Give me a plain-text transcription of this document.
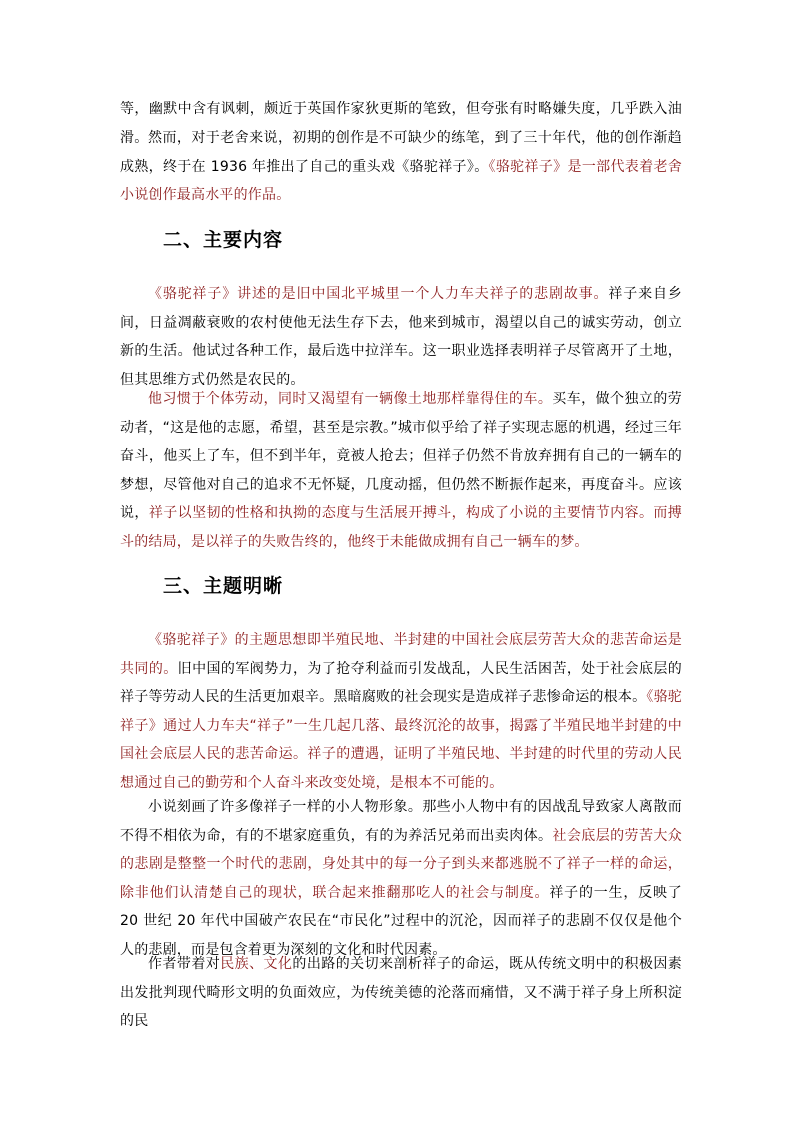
等，幽默中含有讽刺，颇近于英国作家狄更斯的笔致，但夸张有时略嫌失度，几乎跌入油滑。 然而，对于老舍来说，初期的创作是不可缺少的练笔，到了三十年代，他的创作渐趋成熟，终于在 1936 年推出了自己的重头戏《骆驼祥子》。《骆驼祥子》是一部代表着老舍小说创作最高水平的作品。

二、主要内容

《骆驼祥子》讲述的是旧中国北平城里一个人力车夫祥子的悲剧故事。祥子来自乡间，日益凋蔽衰败的农村使他无法生存下去，他来到城市，渴望以自己的诚实劳动，创立新的生活。他试过各种工作，最后选中拉洋车。这一职业选择表明祥子尽管离开了土地，但其思维方式仍然是农民的。

他习惯于个体劳动，同时又渴望有一辆像土地那样靠得住的车。买车，做个独立的劳动者，“这是他的志愿，希望，甚至是宗教。”城市似乎给了祥子实现志愿的机遇，经过三年奋斗，他买上了车，但不到半年，竟被人抢去；但祥子仍然不肯放弃拥有自己的一辆车的梦想，尽管他对自己的追求不无怀疑，几度动摇，但仍然不断振作起来，再度奋斗。应该说，祥子以坚韧的性格和执拗的态度与生活展开搏斗，构成了小说的主要情节内容。而搏斗的结局，是以祥子的失败告终的，他终于未能做成拥有自己一辆车的梦。

三、主题明晰

《骆驼祥子》的主题思想即半殖民地、半封建的中国社会底层劳苦大众的悲苦命运是共同的。旧中国的军阀势力，为了抢夺利益而引发战乱，人民生活困苦，处于社会底层的祥子等劳动人民的生活更加艰辛。黑暗腐败的社会现实是造成祥子悲惨命运的根本。《骆驼祥子》通过人力车夫“祥子”一生几起几落、最终沉沦的故事，揭露了半殖民地半封建的中国社会底层人民的悲苦命运。祥子的遭遇，证明了半殖民地、半封建的时代里的劳动人民想通过自己的勤劳和个人奋斗来改变处境，是根本不可能的。

小说刻画了许多像祥子一样的小人物形象。那些小人物中有的因战乱导致家人离散而不得不相依为命，有的不堪家庭重负，有的为养活兄弟而出卖肉体。社会底层的劳苦大众的悲剧是整整一个时代的悲剧，身处其中的每一分子到头来都逃脱不了祥子一样的命运，除非他们认清楚自己的现状，联合起来推翻那吃人的社会与制度。祥子的一生，反映了 20 世纪 20 年代中国破产农民在“市民化”过程中的沉沦，因而祥子的悲剧不仅仅是他个人的悲剧，而是包含着更为深刻的文化和时代因素。

作者带着对民族、文化的出路的关切来剖析祥子的命运，既从传统文明中的积极因素出发批判现代畸形文明的负面效应，为传统美德的沦落而痛惜，又不满于祥子身上所积淀的民
